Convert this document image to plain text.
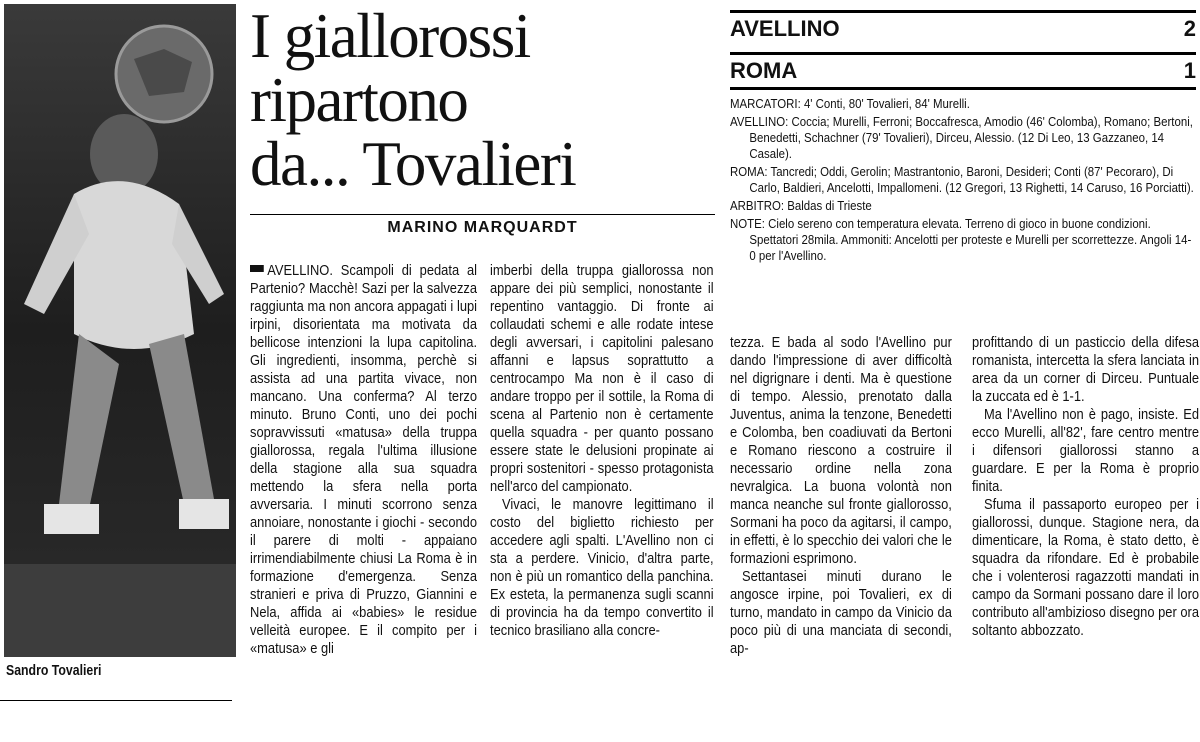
Sandro Tovalieri
I giallorossi
ripartono
da... Tovalieri
MARINO MARQUARDT

AVELLINO. Scampoli di pedata al Partenio? Macchè! Sazi per la salvezza raggiunta ma non ancora appagati i lupi irpini, disorientata ma motivata da bellicose intenzioni la lupa capitolina. Gli ingredienti, insomma, perchè si assista ad una partita vivace, non mancano. Una conferma? Al terzo minuto. Bruno Conti, uno dei pochi sopravvissuti «matusa» della truppa giallorossa, regala l'ultima illusione della stagione alla sua squadra mettendo la sfera nella porta avversaria. I minuti scorrono senza annoiare, nonostante i giochi - secondo il parere di molti - appaiano irrimendiabilmente chiusi La Roma è in formazione d'emergenza. Senza stranieri e priva di Pruzzo, Giannini e Nela, affida ai «babies» le residue velleità europee. E il compito per i «matusa» e gli

imberbi della truppa giallorossa non appare dei più semplici, nonostante il repentino vantaggio. Di fronte ai collaudati schemi e alle rodate intese degli avversari, i capitolini palesano affanni e lapsus soprattutto a centrocampo Ma non è il caso di andare troppo per il sottile, la Roma di scena al Partenio non è certamente quella squadra - per quanto possano essere state le delusioni propinate ai propri sostenitori - spesso protagonista nell'arco del campionato.

Vivaci, le manovre legittimano il costo del biglietto richiesto per accedere agli spalti. L'Avellino non ci sta a perdere. Vinicio, d'altra parte, non è più un romantico della panchina. Ex esteta, la permanenza sugli scanni di provincia ha da tempo convertito il tecnico brasiliano alla concre-

tezza. E bada al sodo l'Avellino pur dando l'impressione di aver difficoltà nel digrignare i denti. Ma è questione di tempo. Alessio, prenotato dalla Juventus, anima la tenzone, Benedetti e Colomba, ben coadiuvati da Bertoni e Romano riescono a costruire il necessario ordine nella zona nevralgica. La buona volontà non manca neanche sul fronte giallorosso, Sormani ha poco da agitarsi, il campo, in effetti, è lo specchio dei valori che le formazioni esprimono.

Settantasei minuti durano le angosce irpine, poi Tovalieri, ex di turno, mandato in campo da Vinicio da poco più di una manciata di secondi, ap-

profittando di un pasticcio della difesa romanista, intercetta la sfera lanciata in area da un corner di Dirceu. Puntuale la zuccata ed è 1-1.

Ma l'Avellino non è pago, insiste. Ed ecco Murelli, all'82', fare centro mentre i difensori giallorossi stanno a guardare. E per la Roma è proprio finita.

Sfuma il passaporto europeo per i giallorossi, dunque. Stagione nera, da dimenticare, la Roma, è stato detto, è squadra da rifondare. Ed è probabile che i volenterosi ragazzotti mandati in campo da Sormani possano dare il loro contributo all'ambizioso disegno per ora soltanto abbozzato.

AVELLINO	2
ROMA	1

MARCATORI: 4' Conti, 80' Tovalieri, 84' Murelli.

AVELLINO: Coccia; Murelli, Ferroni; Boccafresca, Amodio (46' Colomba), Romano; Bertoni, Benedetti, Schachner (79' Tovalieri), Dirceu, Alessio. (12 Di Leo, 13 Gazzaneo, 14 Casale).

ROMA: Tancredi; Oddi, Gerolin; Mastrantonio, Baroni, Desideri; Conti (87' Pecoraro), Di Carlo, Baldieri, Ancelotti, Impallomeni. (12 Gregori, 13 Righetti, 14 Caruso, 16 Porciatti).

ARBITRO: Baldas di Trieste

NOTE: Cielo sereno con temperatura elevata. Terreno di gioco in buone condizioni. Spettatori 28mila. Ammoniti: Ancelotti per proteste e Murelli per scorrettezze. Angoli 14-0 per l'Avellino.
